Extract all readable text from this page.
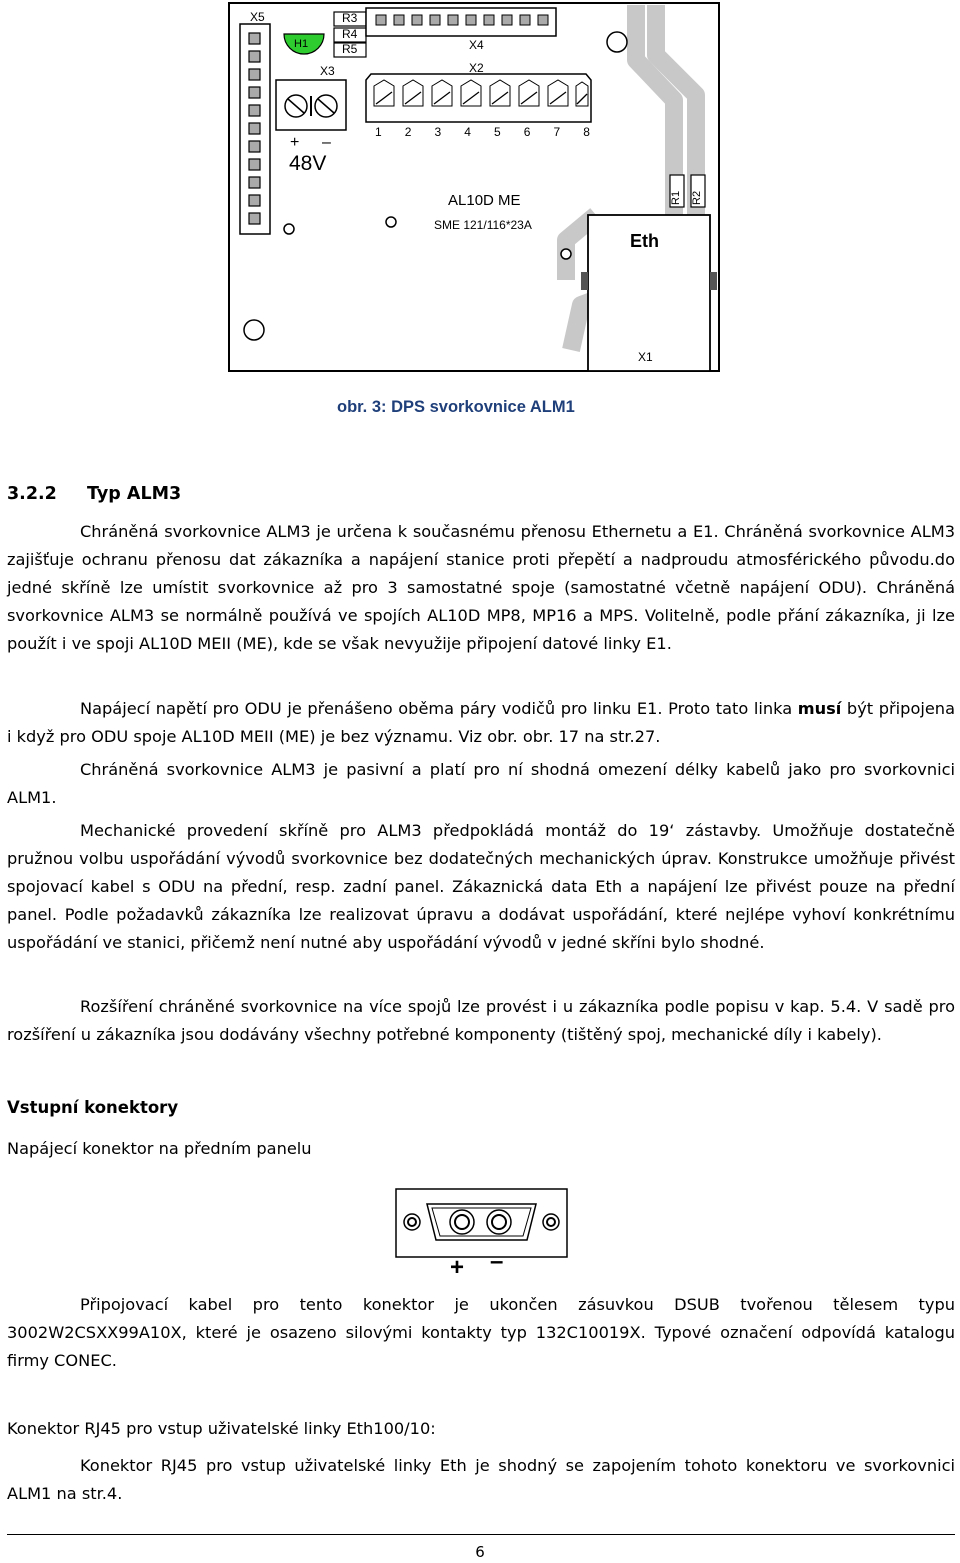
X5	R3
R4
R5
H1
X3
X4
X2
+ –
48V
1 2 3 4 5 6 7 8
AL10D ME
SME 121/116*23A
R1 R2
Eth
X1
obr. 3: DPS svorkovnice ALM1
3.2.2 Typ ALM3
Chráněná svorkovnice ALM3 je určena k současnému přenosu Ethernetu a E1. Chráněná svorkovnice ALM3 zajišťuje ochranu přenosu dat zákazníka a napájení stanice proti přepětí a nadproudu atmosférického původu.do jedné skříně lze umístit svorkovnice až pro 3 samostatné spoje (samostatné včetně napájení ODU). Chráněná svorkovnice ALM3 se normálně používá ve spojích AL10D MP8, MP16 a MPS. Volitelně, podle přání zákazníka, ji lze použít i ve spoji AL10D MEII (ME), kde se však nevyužije připojení datové linky E1.
Napájecí napětí pro ODU je přenášeno oběma páry vodičů pro linku E1. Proto tato linka musí být připojena i když pro ODU spoje AL10D MEII (ME) je bez významu. Viz obr. obr. 17 na str.27.
Chráněná svorkovnice ALM3 je pasivní a platí pro ní shodná omezení délky kabelů jako pro svorkovnici ALM1.
Mechanické provedení skříně pro ALM3 předpokládá montáž do 19‘ zástavby. Umožňuje dostatečně pružnou volbu uspořádání vývodů svorkovnice bez dodatečných mechanických úprav. Konstrukce umožňuje přivést spojovací kabel s ODU na přední, resp. zadní panel. Zákaznická data Eth a napájení lze přivést pouze na přední panel. Podle požadavků zákazníka lze realizovat úpravu a dodávat uspořádání, které nejlépe vyhoví konkrétnímu uspořádání ve stanici, přičemž není nutné aby uspořádání vývodů v jedné skříni bylo shodné.
Rozšíření chráněné svorkovnice na více spojů lze provést i u zákazníka podle popisu v kap. 5.4. V sadě pro rozšíření u zákazníka jsou dodávány všechny potřebné komponenty (tištěný spoj, mechanické díly i kabely).
Vstupní konektory
Napájecí konektor na předním panelu
+ –
Připojovací kabel pro tento konektor je ukončen zásuvkou DSUB tvořenou tělesem typu 3002W2CSXX99A10X, které je osazeno silovými kontakty typ 132C10019X. Typové označení odpovídá katalogu firmy CONEC.
Konektor RJ45 pro vstup uživatelské linky Eth100/10:
Konektor RJ45 pro vstup uživatelské linky Eth je shodný se zapojením tohoto konektoru ve svorkovnici ALM1 na str.4.
6
